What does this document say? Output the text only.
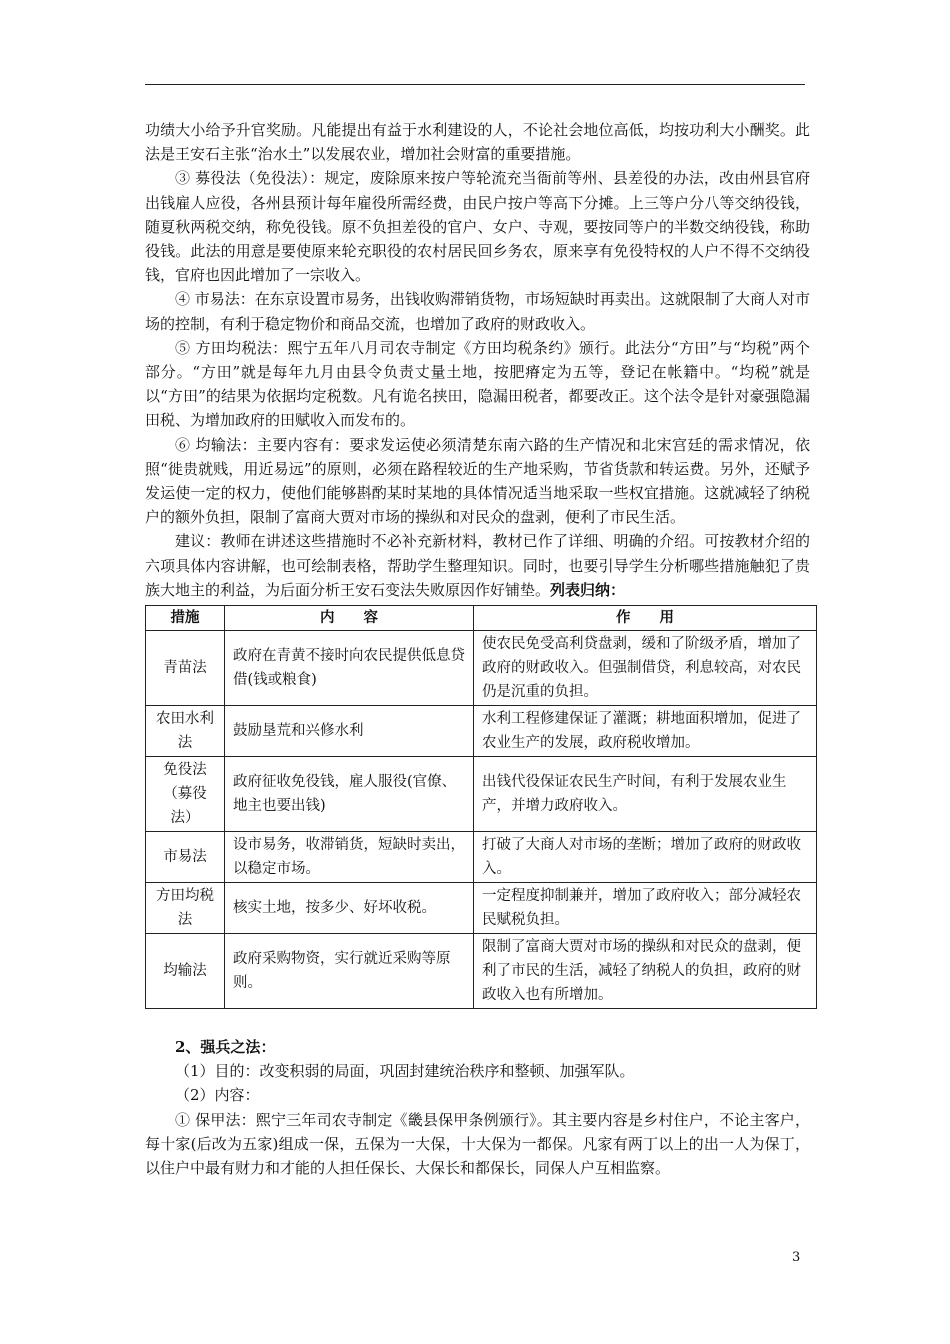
功绩大小给予升官奖励。凡能提出有益于水利建设的人，不论社会地位高低，均按功利大小酬奖。此法是王安石主张“治水土”以发展农业，增加社会财富的重要措施。

③ 募役法（免役法）：规定，废除原来按户等轮流充当衙前等州、县差役的办法，改由州县官府出钱雇人应役，各州县预计每年雇役所需经费，由民户按户等高下分摊。上三等户分八等交纳役钱，随夏秋两税交纳，称免役钱。原不负担差役的官户、女户、寺观，要按同等户的半数交纳役钱，称助役钱。此法的用意是要使原来轮充职役的农村居民回乡务农，原来享有免役特权的人户不得不交纳役钱，官府也因此增加了一宗收入。

④ 市易法：在东京设置市易务，出钱收购滞销货物，市场短缺时再卖出。这就限制了大商人对市场的控制，有利于稳定物价和商品交流，也增加了政府的财政收入。

⑤ 方田均税法：熙宁五年八月司农寺制定《方田均税条约》颁行。此法分“方田”与“均税”两个部分。“方田”就是每年九月由县令负责丈量土地，按肥瘠定为五等，登记在帐籍中。“均税”就是以“方田”的结果为依据均定税数。凡有诡名挟田，隐漏田税者，都要改正。这个法令是针对豪强隐漏田税、为增加政府的田赋收入而发布的。

⑥ 均输法：主要内容有：要求发运使必须清楚东南六路的生产情况和北宋宫廷的需求情况，依照“徙贵就贱，用近易远”的原则，必须在路程较近的生产地采购，节省货款和转运费。另外，还赋予发运使一定的权力，使他们能够斟酌某时某地的具体情况适当地采取一些权宜措施。这就减轻了纳税户的额外负担，限制了富商大贾对市场的操纵和对民众的盘剥，便利了市民生活。

建议：教师在讲述这些措施时不必补充新材料，教材已作了详细、明确的介绍。可按教材介绍的六项具体内容讲解，也可绘制表格，帮助学生整理知识。同时，也要引导学生分析哪些措施触犯了贵族大地主的利益，为后面分析王安石变法失败原因作好铺垫。列表归纳：

措施	内　　容	作　　用
青苗法	政府在青黄不接时向农民提供低息贷借(钱或粮食)	使农民免受高利贷盘剥，缓和了阶级矛盾，增加了政府的财政收入。但强制借贷，利息较高，对农民仍是沉重的负担。
农田水利法	鼓励垦荒和兴修水利	水利工程修建保证了灌溉；耕地面积增加，促进了农业生产的发展，政府税收增加。
免役法（募役法）	政府征收免役钱，雇人服役(官僚、地主也要出钱)	出钱代役保证农民生产时间，有利于发展农业生产，并增力政府收入。
市易法	设市易务，收滞销货，短缺时卖出，以稳定市场。	打破了大商人对市场的垄断；增加了政府的财政收入。
方田均税法	核实土地，按多少、好坏收税。	一定程度抑制兼并，增加了政府收入；部分减轻农民赋税负担。
均输法	政府采购物资，实行就近采购等原则。	限制了富商大贾对市场的操纵和对民众的盘剥，便利了市民的生活，减轻了纳税人的负担，政府的财政收入也有所增加。

2、强兵之法：

（1）目的：改变积弱的局面，巩固封建统治秩序和整顿、加强军队。

（2）内容：

① 保甲法：熙宁三年司农寺制定《畿县保甲条例颁行》。其主要内容是乡村住户，不论主客户，每十家(后改为五家)组成一保，五保为一大保，十大保为一都保。凡家有两丁以上的出一人为保丁，以住户中最有财力和才能的人担任保长、大保长和都保长，同保人户互相监察。

3
